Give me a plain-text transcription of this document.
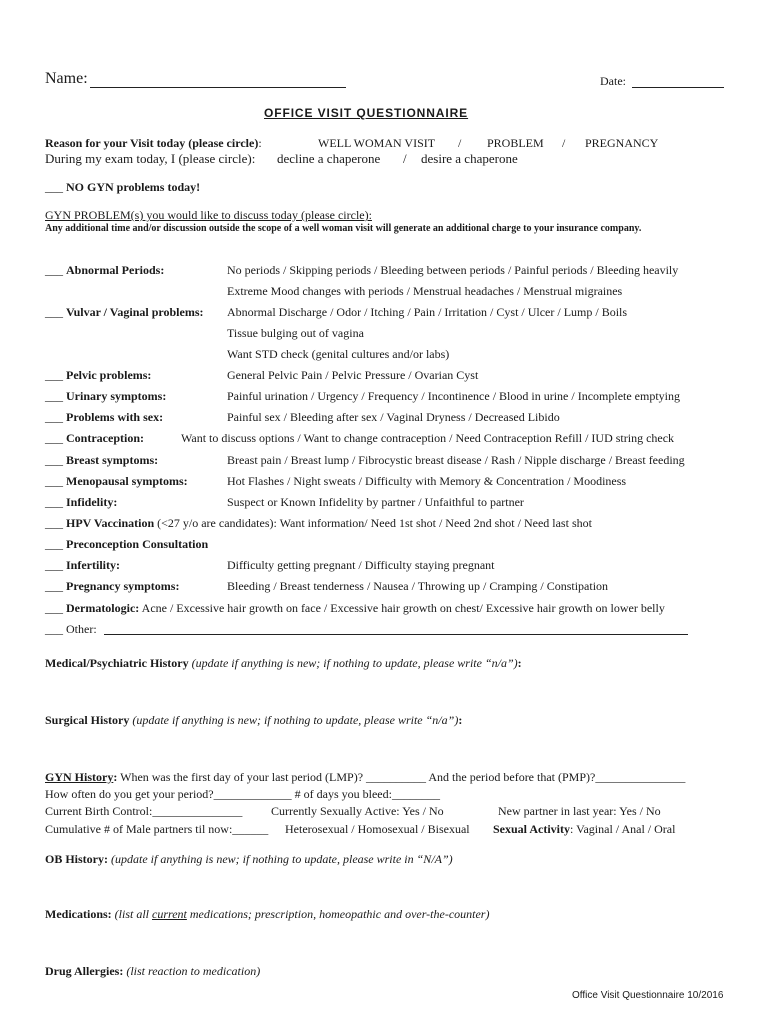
Name:	Date:
OFFICE VISIT QUESTIONNAIRE
Reason for your Visit today (please circle):	WELL WOMAN VISIT / PROBLEM / PREGNANCY
During my exam today, I (please circle): decline a chaperone / desire a chaperone
___ NO GYN problems today!
GYN PROBLEM(s) you would like to discuss today (please circle):
Any additional time and/or discussion outside the scope of a well woman visit will generate an additional charge to your insurance company.
___ Abnormal Periods:	No periods / Skipping periods / Bleeding between periods / Painful periods / Bleeding heavily
Extreme Mood changes with periods / Menstrual headaches / Menstrual migraines
___ Vulvar / Vaginal problems: Abnormal Discharge / Odor / Itching / Pain / Irritation / Cyst / Ulcer / Lump / Boils
Tissue bulging out of vagina
Want STD check (genital cultures and/or labs)
___ Pelvic problems:	General Pelvic Pain / Pelvic Pressure / Ovarian Cyst
___ Urinary symptoms:	Painful urination / Urgency / Frequency / Incontinence / Blood in urine / Incomplete emptying
___ Problems with sex:	Painful sex / Bleeding after sex / Vaginal Dryness / Decreased Libido
___ Contraception:	Want to discuss options / Want to change contraception / Need Contraception Refill / IUD string check
___ Breast symptoms:	Breast pain / Breast lump / Fibrocystic breast disease / Rash / Nipple discharge / Breast feeding
___ Menopausal symptoms:	Hot Flashes / Night sweats / Difficulty with Memory & Concentration / Moodiness
___ Infidelity:	Suspect or Known Infidelity by partner / Unfaithful to partner
___ HPV Vaccination (<27 y/o are candidates): Want information/ Need 1st shot / Need 2nd shot / Need last shot
___ Preconception Consultation
___ Infertility:	Difficulty getting pregnant / Difficulty staying pregnant
___ Pregnancy symptoms:	Bleeding / Breast tenderness / Nausea / Throwing up / Cramping / Constipation
___ Dermatologic: Acne / Excessive hair growth on face / Excessive hair growth on chest/ Excessive hair growth on lower belly
___ Other:
Medical/Psychiatric History (update if anything is new; if nothing to update, please write “n/a”):
Surgical History (update if anything is new; if nothing to update, please write “n/a”):
GYN History: When was the first day of your last period (LMP)? __________ And the period before that (PMP)?_______________
How often do you get your period?_____________ # of days you bleed:________
Current Birth Control:_______________ Currently Sexually Active: Yes / No	New partner in last year: Yes / No
Cumulative # of Male partners til now:______ Heterosexual / Homosexual / Bisexual Sexual Activity: Vaginal / Anal / Oral
OB History: (update if anything is new; if nothing to update, please write in “N/A”)
Medications: (list all current medications; prescription, homeopathic and over-the-counter)
Drug Allergies: (list reaction to medication)
Office Visit Questionnaire 10/2016
